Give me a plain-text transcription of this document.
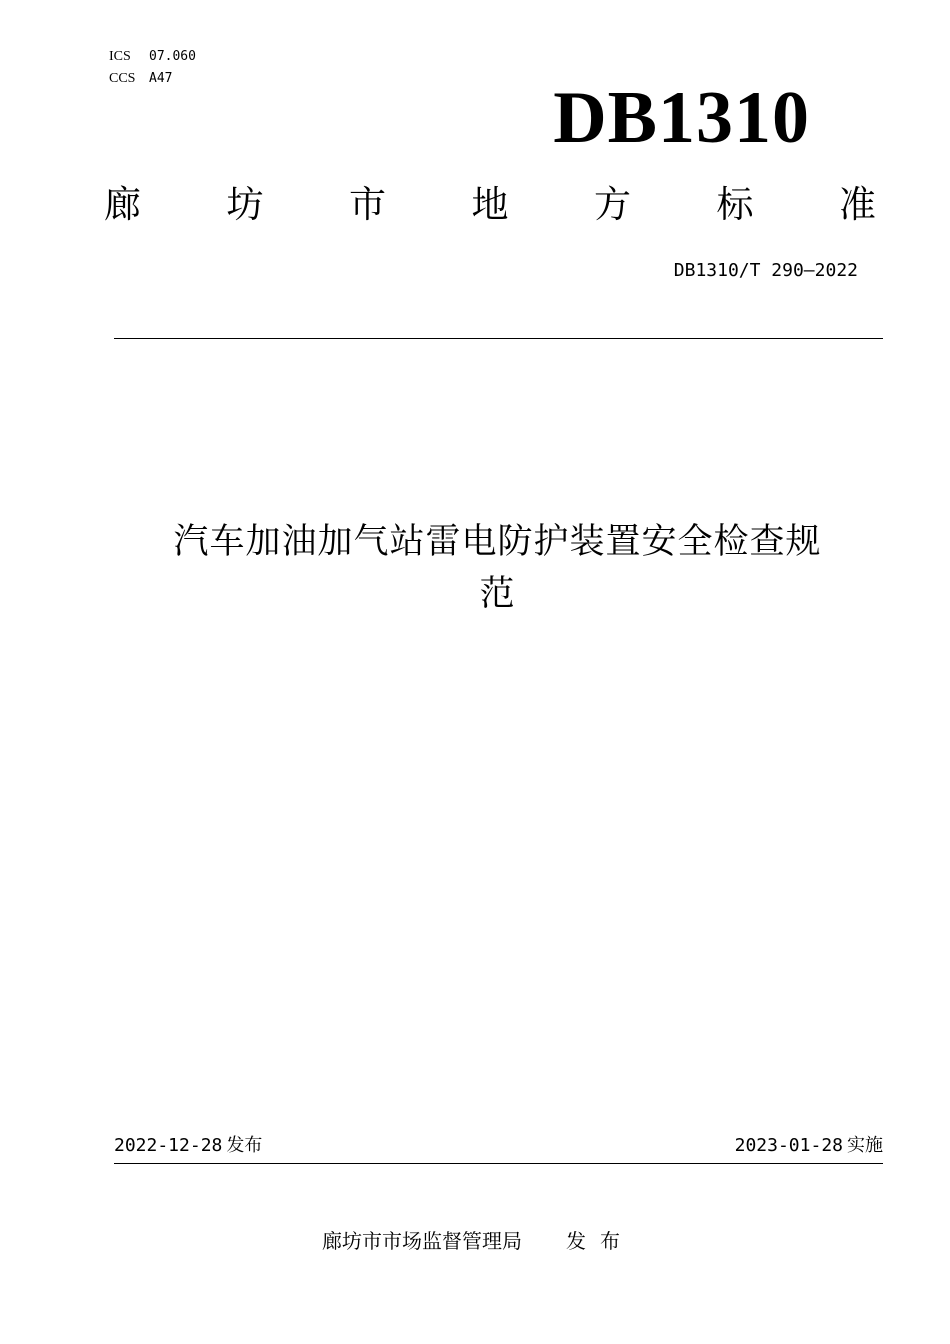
ICS 07.060
CCS A47	DB1310
廊 坊 市 地 方 标 准
DB1310/T 290—2022
汽车加油加气站雷电防护装置安全检查规
范
2022-12-28 发布	2023-01-28 实施
廊坊市市场监督管理局 发布
